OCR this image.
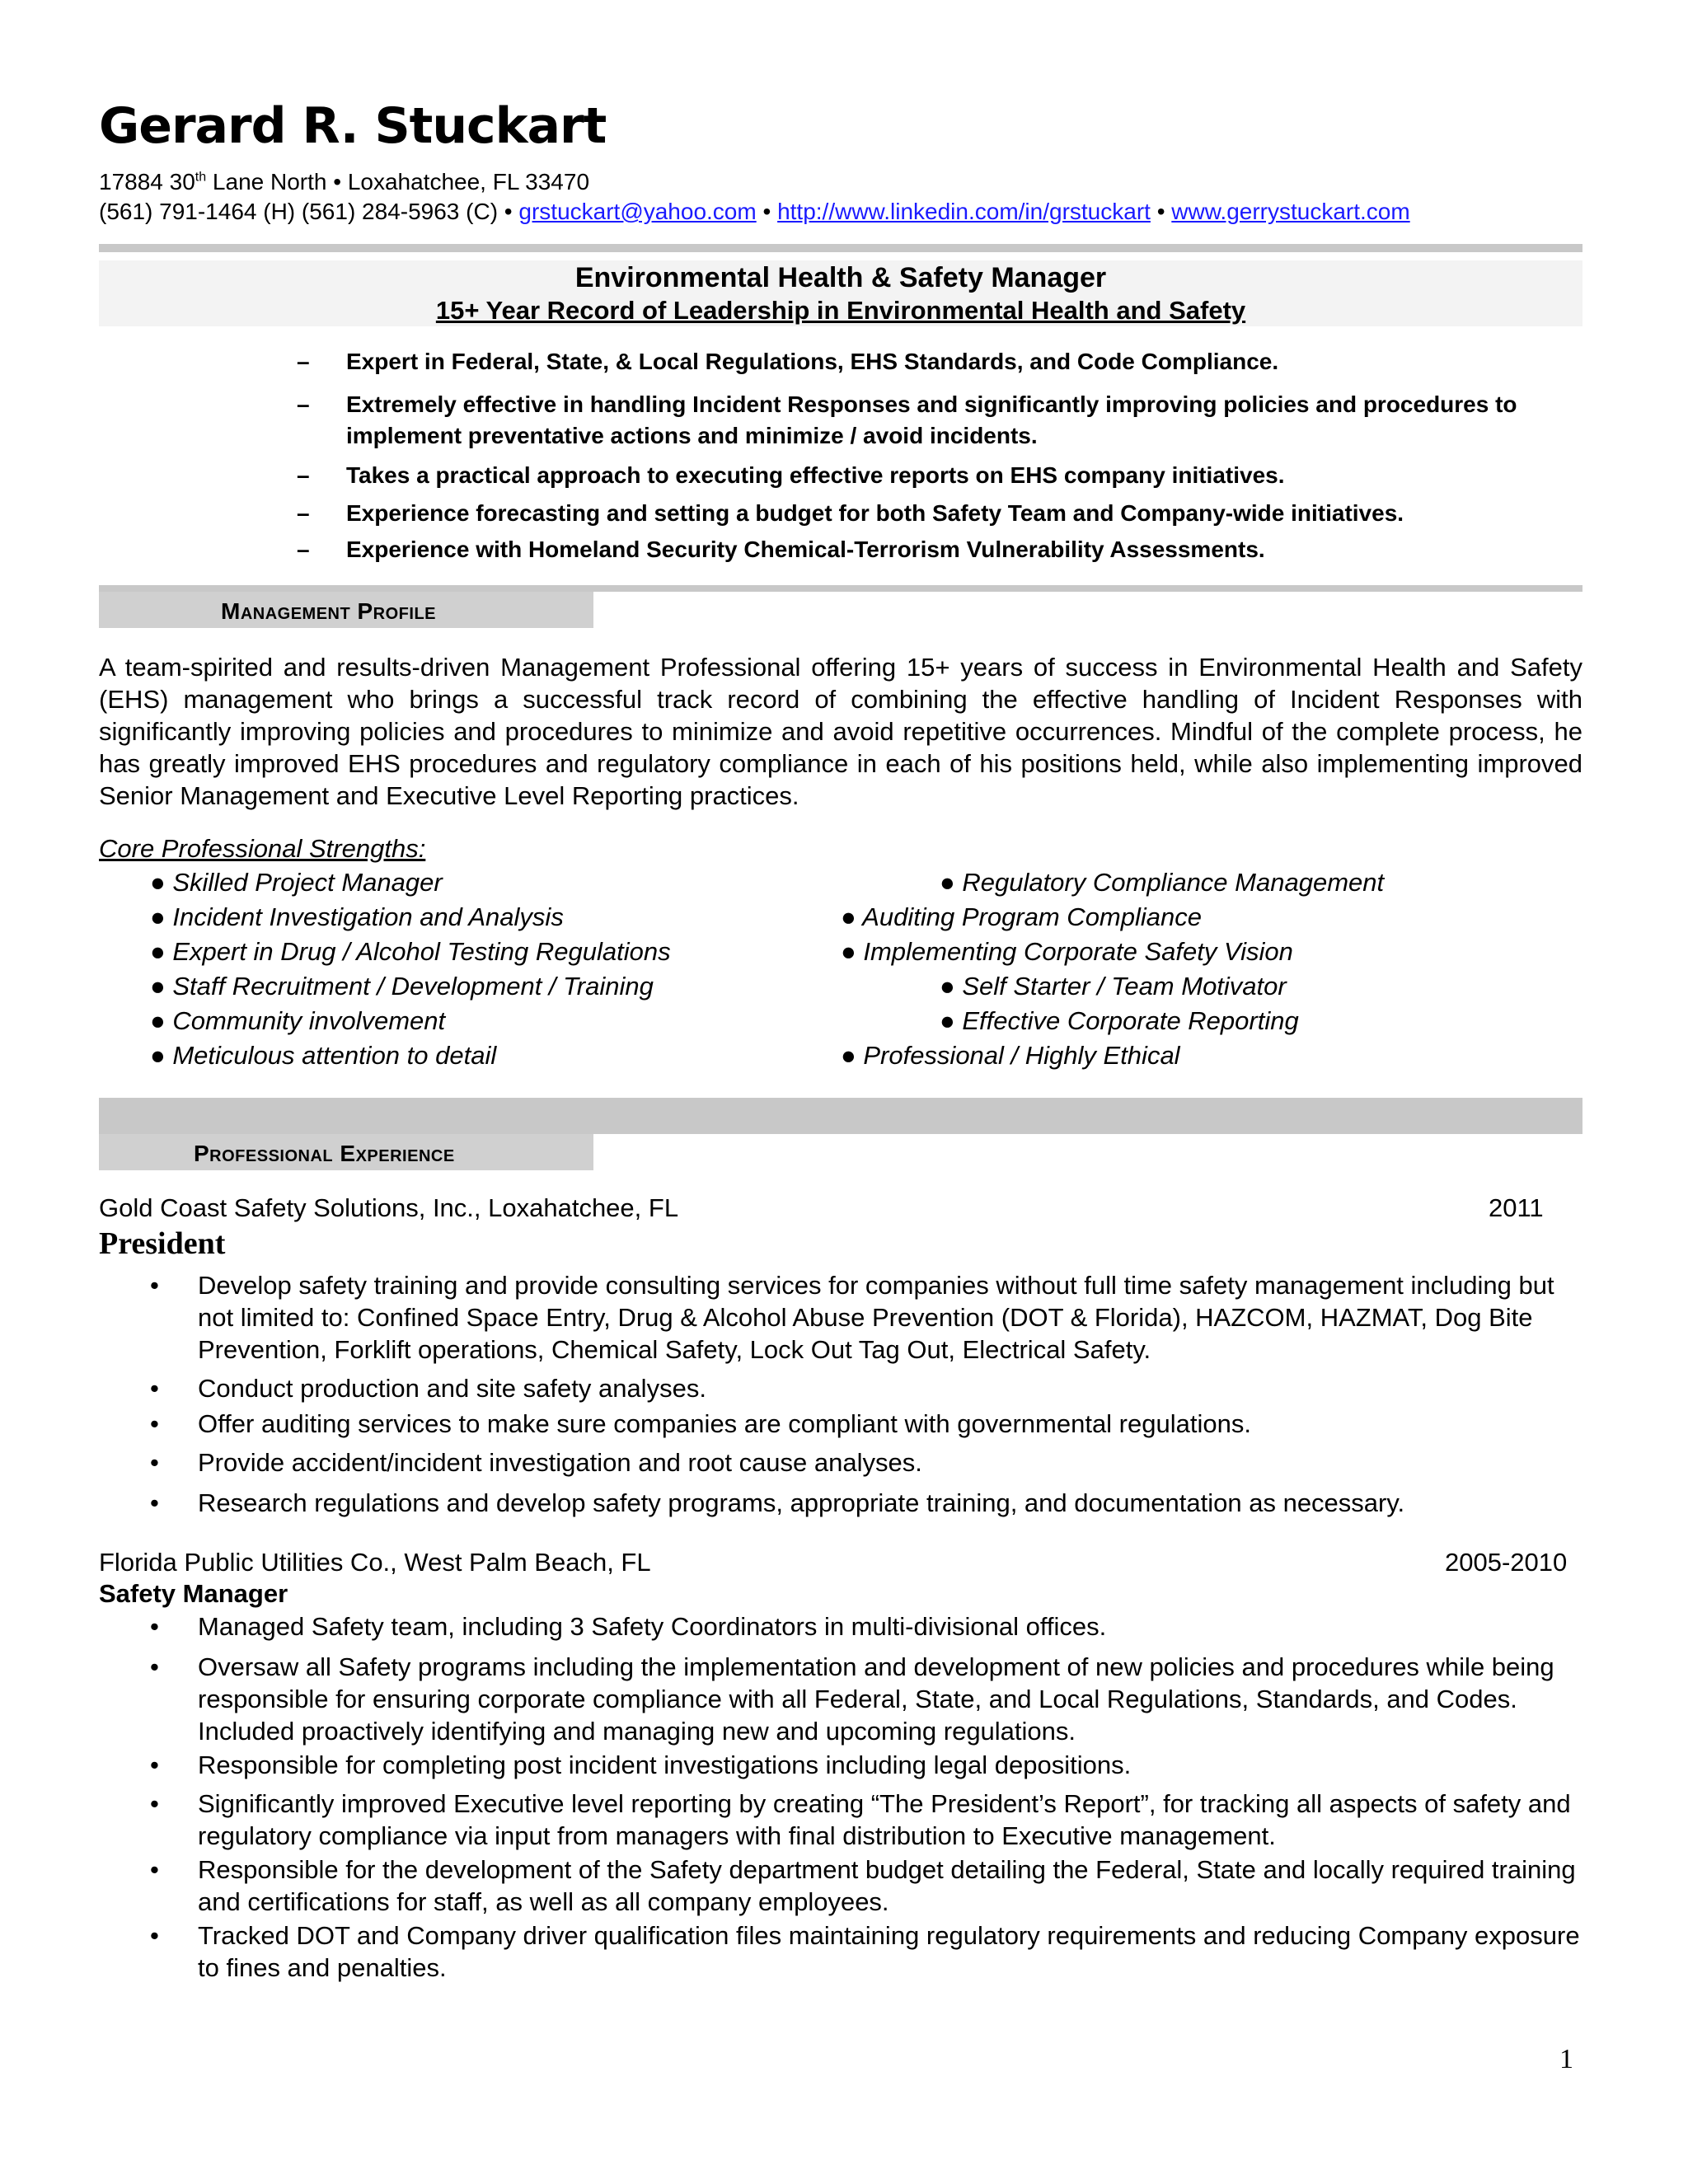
Gerard R. Stuckart
17884 30th Lane North • Loxahatchee, FL 33470
(561) 791-1464 (H) (561) 284-5963 (C) • grstuckart@yahoo.com • http://www.linkedin.com/in/grstuckart • www.gerrystuckart.com
Environmental Health & Safety Manager
15+ Year Record of Leadership in Environmental Health and Safety
– Expert in Federal, State, & Local Regulations, EHS Standards, and Code Compliance.
– Extremely effective in handling Incident Responses and significantly improving policies and procedures to implement preventative actions and minimize / avoid incidents.
– Takes a practical approach to executing effective reports on EHS company initiatives.
– Experience forecasting and setting a budget for both Safety Team and Company-wide initiatives.
– Experience with Homeland Security Chemical-Terrorism Vulnerability Assessments.
Management Profile
A team-spirited and results-driven Management Professional offering 15+ years of success in Environmental Health and Safety (EHS) management who brings a successful track record of combining the effective handling of Incident Responses with significantly improving policies and procedures to minimize and avoid repetitive occurrences. Mindful of the complete process, he has greatly improved EHS procedures and regulatory compliance in each of his positions held, while also implementing improved Senior Management and Executive Level Reporting practices.
Core Professional Strengths:
● Skilled Project Manager
● Incident Investigation and Analysis
● Expert in Drug / Alcohol Testing Regulations
● Staff Recruitment / Development / Training
● Community involvement
● Meticulous attention to detail
● Regulatory Compliance Management
● Auditing Program Compliance
● Implementing Corporate Safety Vision
● Self Starter / Team Motivator
● Effective Corporate Reporting
● Professional / Highly Ethical
Professional Experience
Gold Coast Safety Solutions, Inc., Loxahatchee, FL	2011
President
• Develop safety training and provide consulting services for companies without full time safety management including but not limited to: Confined Space Entry, Drug & Alcohol Abuse Prevention (DOT & Florida), HAZCOM, HAZMAT, Dog Bite Prevention, Forklift operations, Chemical Safety, Lock Out Tag Out, Electrical Safety.
• Conduct production and site safety analyses.
• Offer auditing services to make sure companies are compliant with governmental regulations.
• Provide accident/incident investigation and root cause analyses.
• Research regulations and develop safety programs, appropriate training, and documentation as necessary.
Florida Public Utilities Co., West Palm Beach, FL	2005-2010
Safety Manager
• Managed Safety team, including 3 Safety Coordinators in multi-divisional offices.
• Oversaw all Safety programs including the implementation and development of new policies and procedures while being responsible for ensuring corporate compliance with all Federal, State, and Local Regulations, Standards, and Codes. Included proactively identifying and managing new and upcoming regulations.
• Responsible for completing post incident investigations including legal depositions.
• Significantly improved Executive level reporting by creating “The President’s Report”, for tracking all aspects of safety and regulatory compliance via input from managers with final distribution to Executive management.
• Responsible for the development of the Safety department budget detailing the Federal, State and locally required training and certifications for staff, as well as all company employees.
• Tracked DOT and Company driver qualification files maintaining regulatory requirements and reducing Company exposure to fines and penalties.
1
